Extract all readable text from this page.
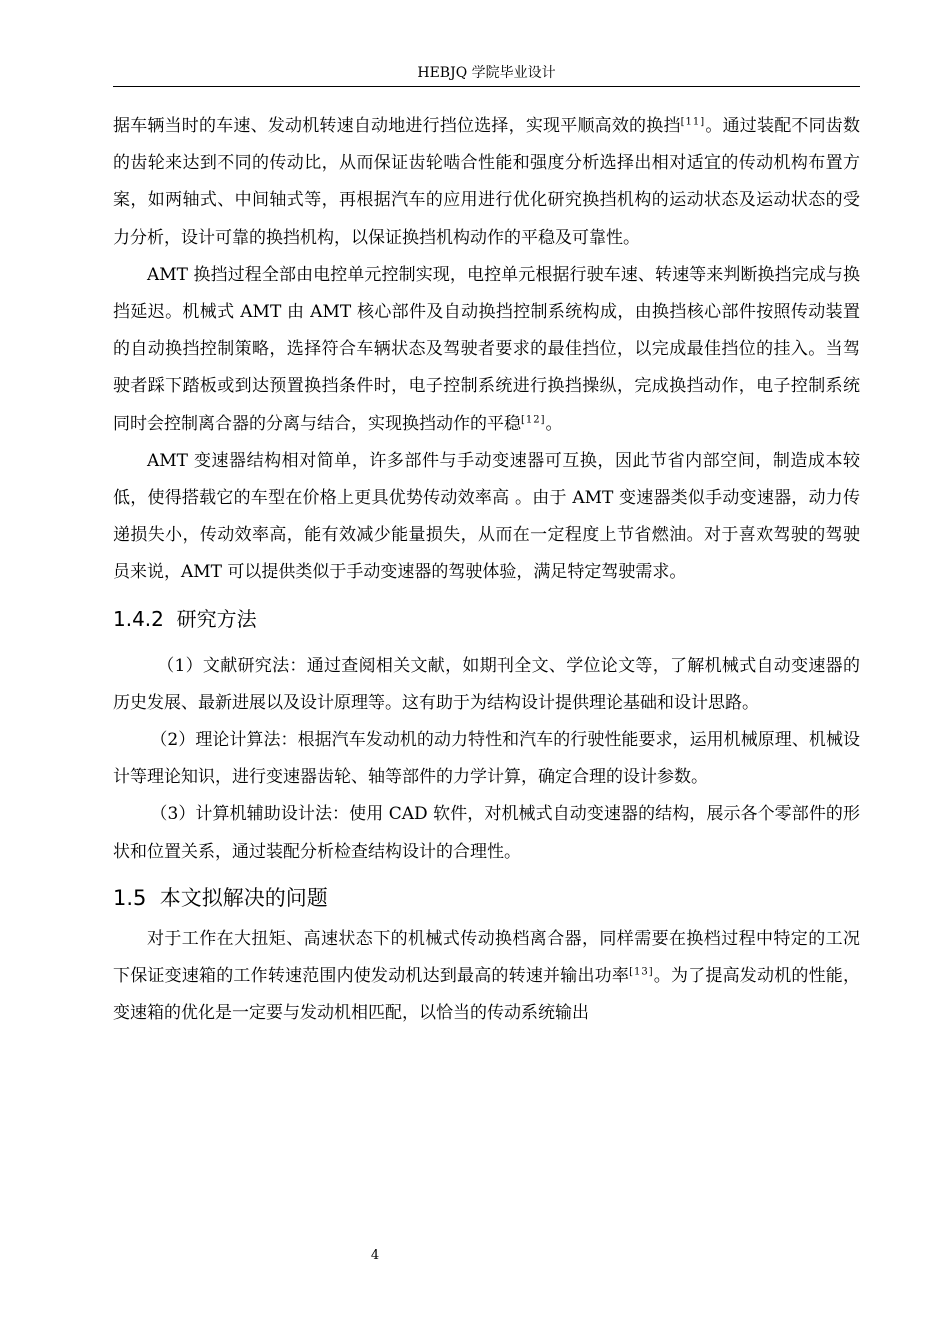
HEBJQ 学院毕业设计

据车辆当时的车速、发动机转速自动地进行挡位选择，实现平顺高效的换挡[11]。通过装配不同齿数的齿轮来达到不同的传动比，从而保证齿轮啮合性能和强度分析选择出相对适宜的传动机构布置方案，如两轴式、中间轴式等，再根据汽车的应用进行优化研究换挡机构的运动状态及运动状态的受力分析，设计可靠的换挡机构，以保证换挡机构动作的平稳及可靠性。

AMT 换挡过程全部由电控单元控制实现，电控单元根据行驶车速、转速等来判断换挡完成与换挡延迟。机械式 AMT 由 AMT 核心部件及自动换挡控制系统构成，由换挡核心部件按照传动装置的自动换挡控制策略，选择符合车辆状态及驾驶者要求的最佳挡位，以完成最佳挡位的挂入。当驾驶者踩下踏板或到达预置换挡条件时，电子控制系统进行换挡操纵，完成换挡动作，电子控制系统同时会控制离合器的分离与结合，实现换挡动作的平稳[12]。

AMT 变速器结构相对简单，许多部件与手动变速器可互换，因此节省内部空间，制造成本较低，使得搭载它的车型在价格上更具优势传动效率高 。由于 AMT 变速器类似手动变速器，动力传递损失小，传动效率高，能有效减少能量损失，从而在一定程度上节省燃油。对于喜欢驾驶的驾驶员来说，AMT 可以提供类似于手动变速器的驾驶体验，满足特定驾驶需求。

1.4.2 研究方法

（1）文献研究法：通过查阅相关文献，如期刊全文、学位论文等，了解机械式自动变速器的历史发展、最新进展以及设计原理等。这有助于为结构设计提供理论基础和设计思路。

（2）理论计算法：根据汽车发动机的动力特性和汽车的行驶性能要求，运用机械原理、机械设计等理论知识，进行变速器齿轮、轴等部件的力学计算，确定合理的设计参数。

（3）计算机辅助设计法：使用 CAD 软件，对机械式自动变速器的结构，展示各个零部件的形状和位置关系，通过装配分析检查结构设计的合理性。

1.5 本文拟解决的问题

对于工作在大扭矩、高速状态下的机械式传动换档离合器，同样需要在换档过程中特定的工况下保证变速箱的工作转速范围内使发动机达到最高的转速并输出功率[13]。为了提高发动机的性能，变速箱的优化是一定要与发动机相匹配，以恰当的传动系统输出

4
